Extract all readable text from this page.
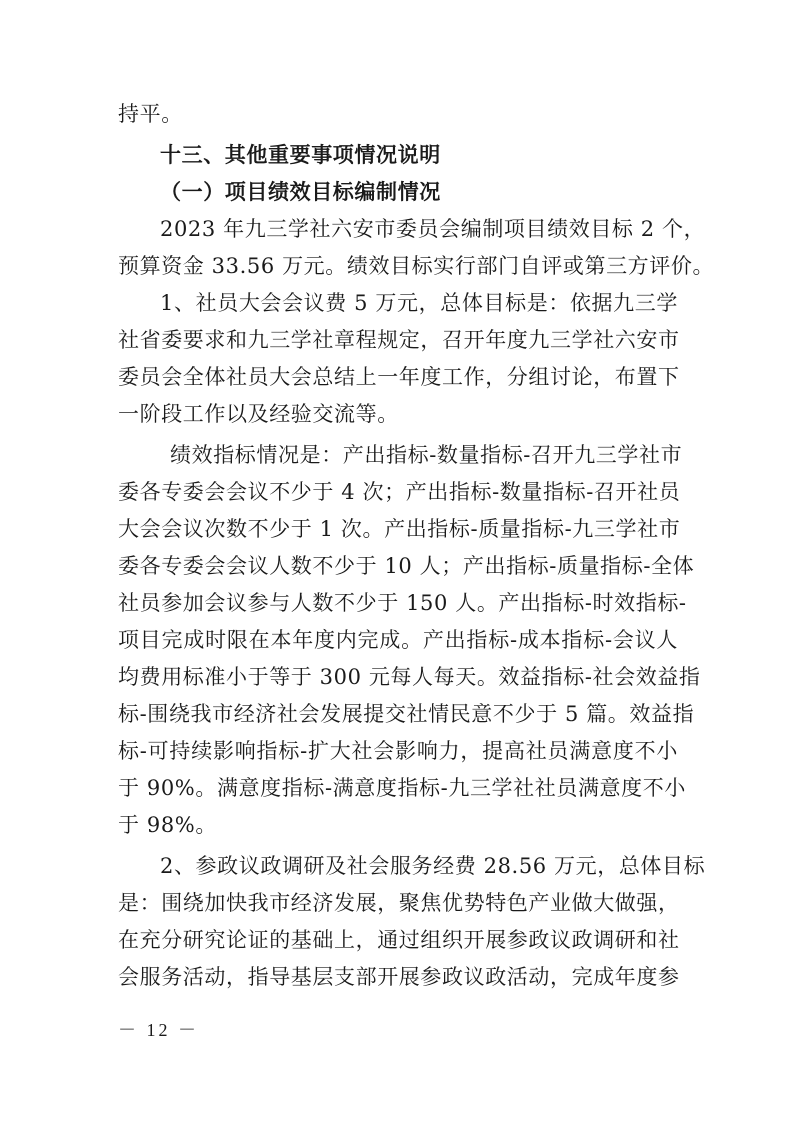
持平。
十三、其他重要事项情况说明
（一）项目绩效目标编制情况
2023 年九三学社六安市委员会编制项目绩效目标 2 个，
预算资金 33.56 万元。绩效目标实行部门自评或第三方评价。
1、社员大会会议费 5 万元，总体目标是：依据九三学
社省委要求和九三学社章程规定，召开年度九三学社六安市
委员会全体社员大会总结上一年度工作，分组讨论，布置下
一阶段工作以及经验交流等。
绩效指标情况是：产出指标-数量指标-召开九三学社市
委各专委会会议不少于 4 次；产出指标-数量指标-召开社员
大会会议次数不少于 1 次。产出指标-质量指标-九三学社市
委各专委会会议人数不少于 10 人；产出指标-质量指标-全体
社员参加会议参与人数不少于 150 人。产出指标-时效指标-
项目完成时限在本年度内完成。产出指标-成本指标-会议人
均费用标准小于等于 300 元每人每天。效益指标-社会效益指
标-围绕我市经济社会发展提交社情民意不少于 5 篇。效益指
标-可持续影响指标-扩大社会影响力，提高社员满意度不小
于 90%。满意度指标-满意度指标-九三学社社员满意度不小
于 98%。
2、参政议政调研及社会服务经费 28.56 万元，总体目标
是：围绕加快我市经济发展，聚焦优势特色产业做大做强，
在充分研究论证的基础上，通过组织开展参政议政调研和社
会服务活动，指导基层支部开展参政议政活动，完成年度参
－ 12 －
